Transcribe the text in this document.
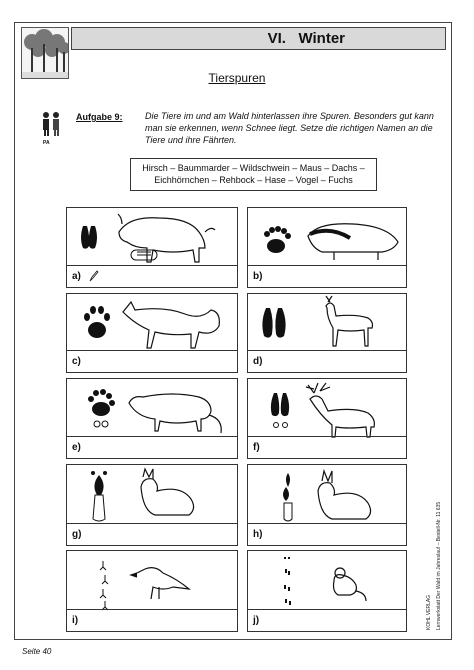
VI. Winter
Tierspuren
PA
Aufgabe 9: Die Tiere im und am Wald hinterlassen ihre Spuren. Besonders gut kann man sie erkennen, wenn Schnee liegt. Setze die richtigen Namen an die Tiere und ihre Fährten.
Hirsch – Baummarder – Wildschwein – Maus – Dachs –
Eichhörnchen – Rehbock – Hase – Vogel – Fuchs
a)	b)
c)	d)
e)	f)
g)	h)
i)	j)	Lernwerkstatt Der Wald im Jahreslauf – Bestell-Nr. 11 635
KOHL VERLAG
Seite 40
